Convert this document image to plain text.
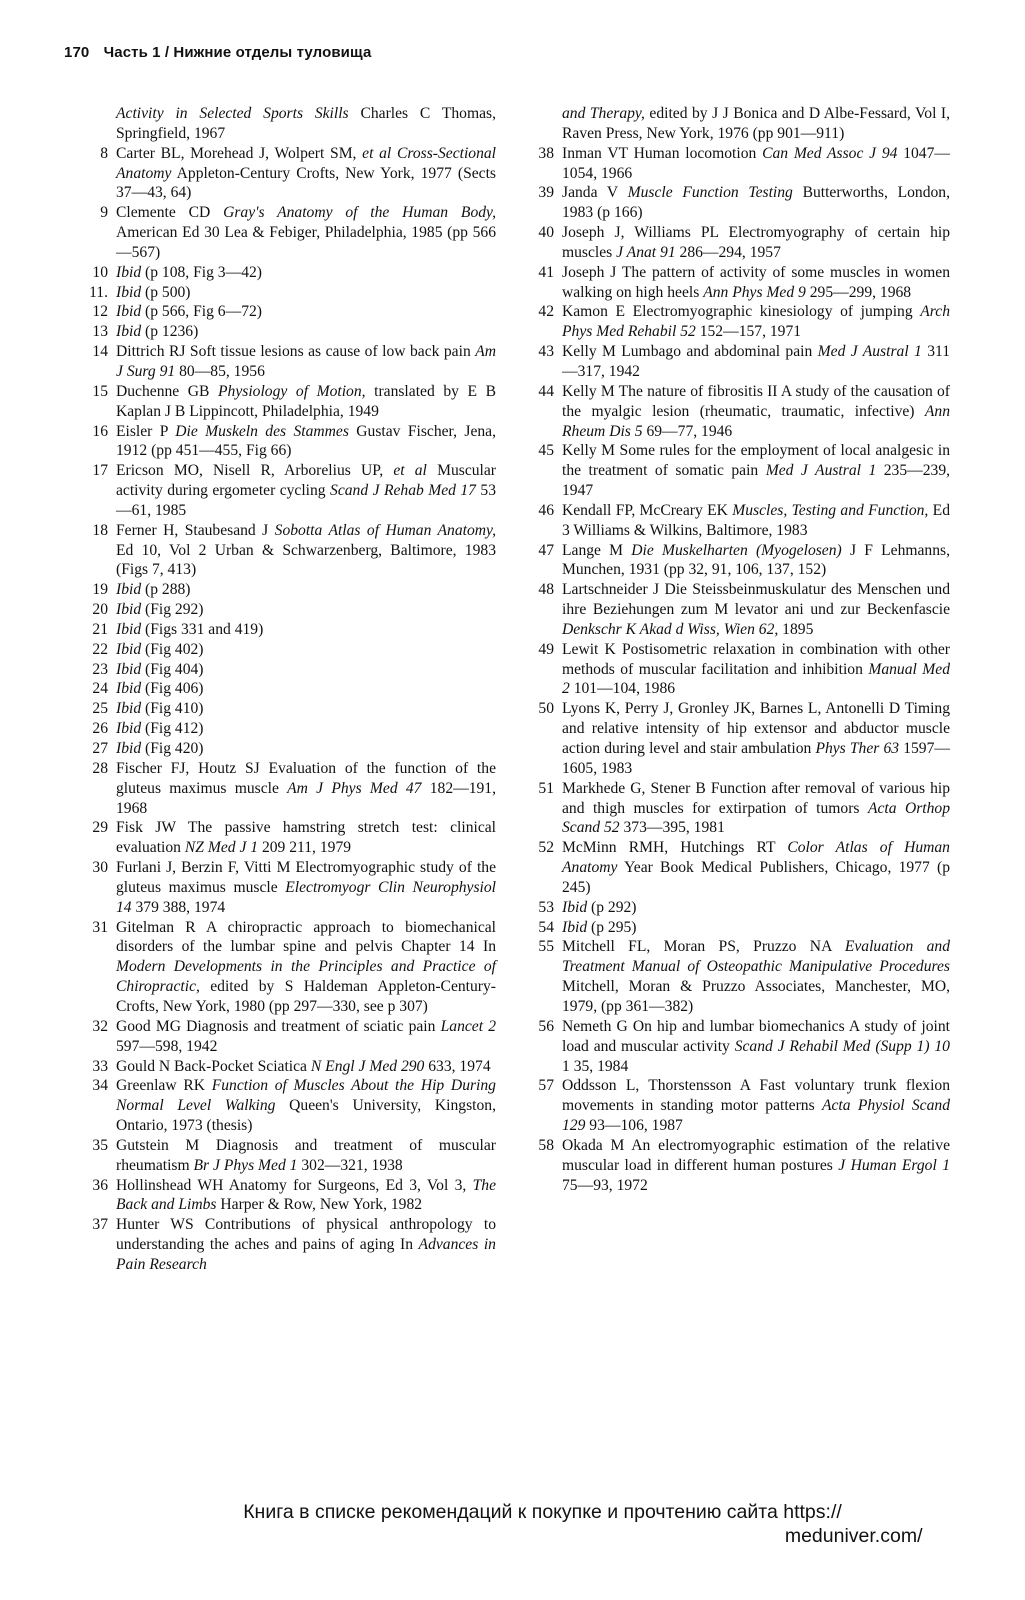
170 Часть 1 / Нижние отделы туловища
Activity in Selected Sports Skills Charles C Thomas, Springfield, 1967
8 Carter BL, Morehead J, Wolpert SM, et al Cross-Sectional Anatomy Appleton-Century Crofts, New York, 1977 (Sects 37—43, 64)
9 Clemente CD Gray's Anatomy of the Human Body, American Ed 30 Lea & Febiger, Philadelphia, 1985 (pp 566—567)
10 Ibid (p 108, Fig 3—42)
11. Ibid (p 500)
12 Ibid (p 566, Fig 6—72)
13 Ibid (p 1236)
14 Dittrich RJ Soft tissue lesions as cause of low back pain Am J Surg 91 80—85, 1956
15 Duchenne GB Physiology of Motion, translated by E B Kaplan J B Lippincott, Philadelphia, 1949
16 Eisler P Die Muskeln des Stammes Gustav Fischer, Jena, 1912 (pp 451—455, Fig 66)
17 Ericson MO, Nisell R, Arborelius UP, et al Muscular activity during ergometer cycling Scand J Rehab Med 17 53—61, 1985
18 Ferner H, Staubesand J Sobotta Atlas of Human Anatomy, Ed 10, Vol 2 Urban & Schwarzenberg, Baltimore, 1983 (Figs 7, 413)
19 Ibid (p 288)
20 Ibid (Fig 292)
21 Ibid (Figs 331 and 419)
22 Ibid (Fig 402)
23 Ibid (Fig 404)
24 Ibid (Fig 406)
25 Ibid (Fig 410)
26 Ibid (Fig 412)
27 Ibid (Fig 420)
28 Fischer FJ, Houtz SJ Evaluation of the function of the gluteus maximus muscle Am J Phys Med 47 182—191, 1968
29 Fisk JW The passive hamstring stretch test: clinical evaluation NZ Med J 1 209 211, 1979
30 Furlani J, Berzin F, Vitti M Electromyographic study of the gluteus maximus muscle Electromyogr Clin Neurophysiol 14 379 388, 1974
31 Gitelman R A chiropractic approach to biomechanical disorders of the lumbar spine and pelvis Chapter 14 In Modern Developments in the Principles and Practice of Chiropractic, edited by S Haldeman Appleton-Century-Crofts, New York, 1980 (pp 297—330, see p 307)
32 Good MG Diagnosis and treatment of sciatic pain Lancet 2 597—598, 1942
33 Gould N Back-Pocket Sciatica N Engl J Med 290 633, 1974
34 Greenlaw RK Function of Muscles About the Hip During Normal Level Walking Queen's University, Kingston, Ontario, 1973 (thesis)
35 Gutstein M Diagnosis and treatment of muscular rheumatism Br J Phys Med 1 302—321, 1938
36 Hollinshead WH Anatomy for Surgeons, Ed 3, Vol 3, The Back and Limbs Harper & Row, New York, 1982
37 Hunter WS Contributions of physical anthropology to understanding the aches and pains of aging In Advances in Pain Research
and Therapy, edited by J J Bonica and D Albe-Fessard, Vol I, Raven Press, New York, 1976 (pp 901—911)
38 Inman VT Human locomotion Can Med Assoc J 94 1047—1054, 1966
39 Janda V Muscle Function Testing Butterworths, London, 1983 (p 166)
40 Joseph J, Williams PL Electromyography of certain hip muscles J Anat 91 286—294, 1957
41 Joseph J The pattern of activity of some muscles in women walking on high heels Ann Phys Med 9 295—299, 1968
42 Kamon E Electromyographic kinesiology of jumping Arch Phys Med Rehabil 52 152—157, 1971
43 Kelly M Lumbago and abdominal pain Med J Austral 1 311—317, 1942
44 Kelly M The nature of fibrositis II A study of the causation of the myalgic lesion (rheumatic, traumatic, infective) Ann Rheum Dis 5 69—77, 1946
45 Kelly M Some rules for the employment of local analgesic in the treatment of somatic pain Med J Austral 1 235—239, 1947
46 Kendall FP, McCreary EK Muscles, Testing and Function, Ed 3 Williams & Wilkins, Baltimore, 1983
47 Lange M Die Muskelharten (Myogelosen) J F Lehmanns, Munchen, 1931 (pp 32, 91, 106, 137, 152)
48 Lartschneider J Die Steissbeinmuskulatur des Menschen und ihre Beziehungen zum M levator ani und zur Beckenfascie Denkschr K Akad d Wiss, Wien 62, 1895
49 Lewit K Postisometric relaxation in combination with other methods of muscular facilitation and inhibition Manual Med 2 101—104, 1986
50 Lyons K, Perry J, Gronley JK, Barnes L, Antonelli D Timing and relative intensity of hip extensor and abductor muscle action during level and stair ambulation Phys Ther 63 1597—1605, 1983
51 Markhede G, Stener B Function after removal of various hip and thigh muscles for extirpation of tumors Acta Orthop Scand 52 373—395, 1981
52 McMinn RMH, Hutchings RT Color Atlas of Human Anatomy Year Book Medical Publishers, Chicago, 1977 (p 245)
53 Ibid (p 292)
54 Ibid (p 295)
55 Mitchell FL, Moran PS, Pruzzo NA Evaluation and Treatment Manual of Osteopathic Manipulative Procedures Mitchell, Moran & Pruzzo Associates, Manchester, MO, 1979, (pp 361—382)
56 Nemeth G On hip and lumbar biomechanics A study of joint load and muscular activity Scand J Rehabil Med (Supp 1) 10 1 35, 1984
57 Oddsson L, Thorstensson A Fast voluntary trunk flexion movements in standing motor patterns Acta Physiol Scand 129 93—106, 1987
58 Okada M An electromyographic estimation of the relative muscular load in different human postures J Human Ergol 1 75—93, 1972
Книга в списке рекомендаций к покупке и прочтению сайта https://
meduniver.com/
